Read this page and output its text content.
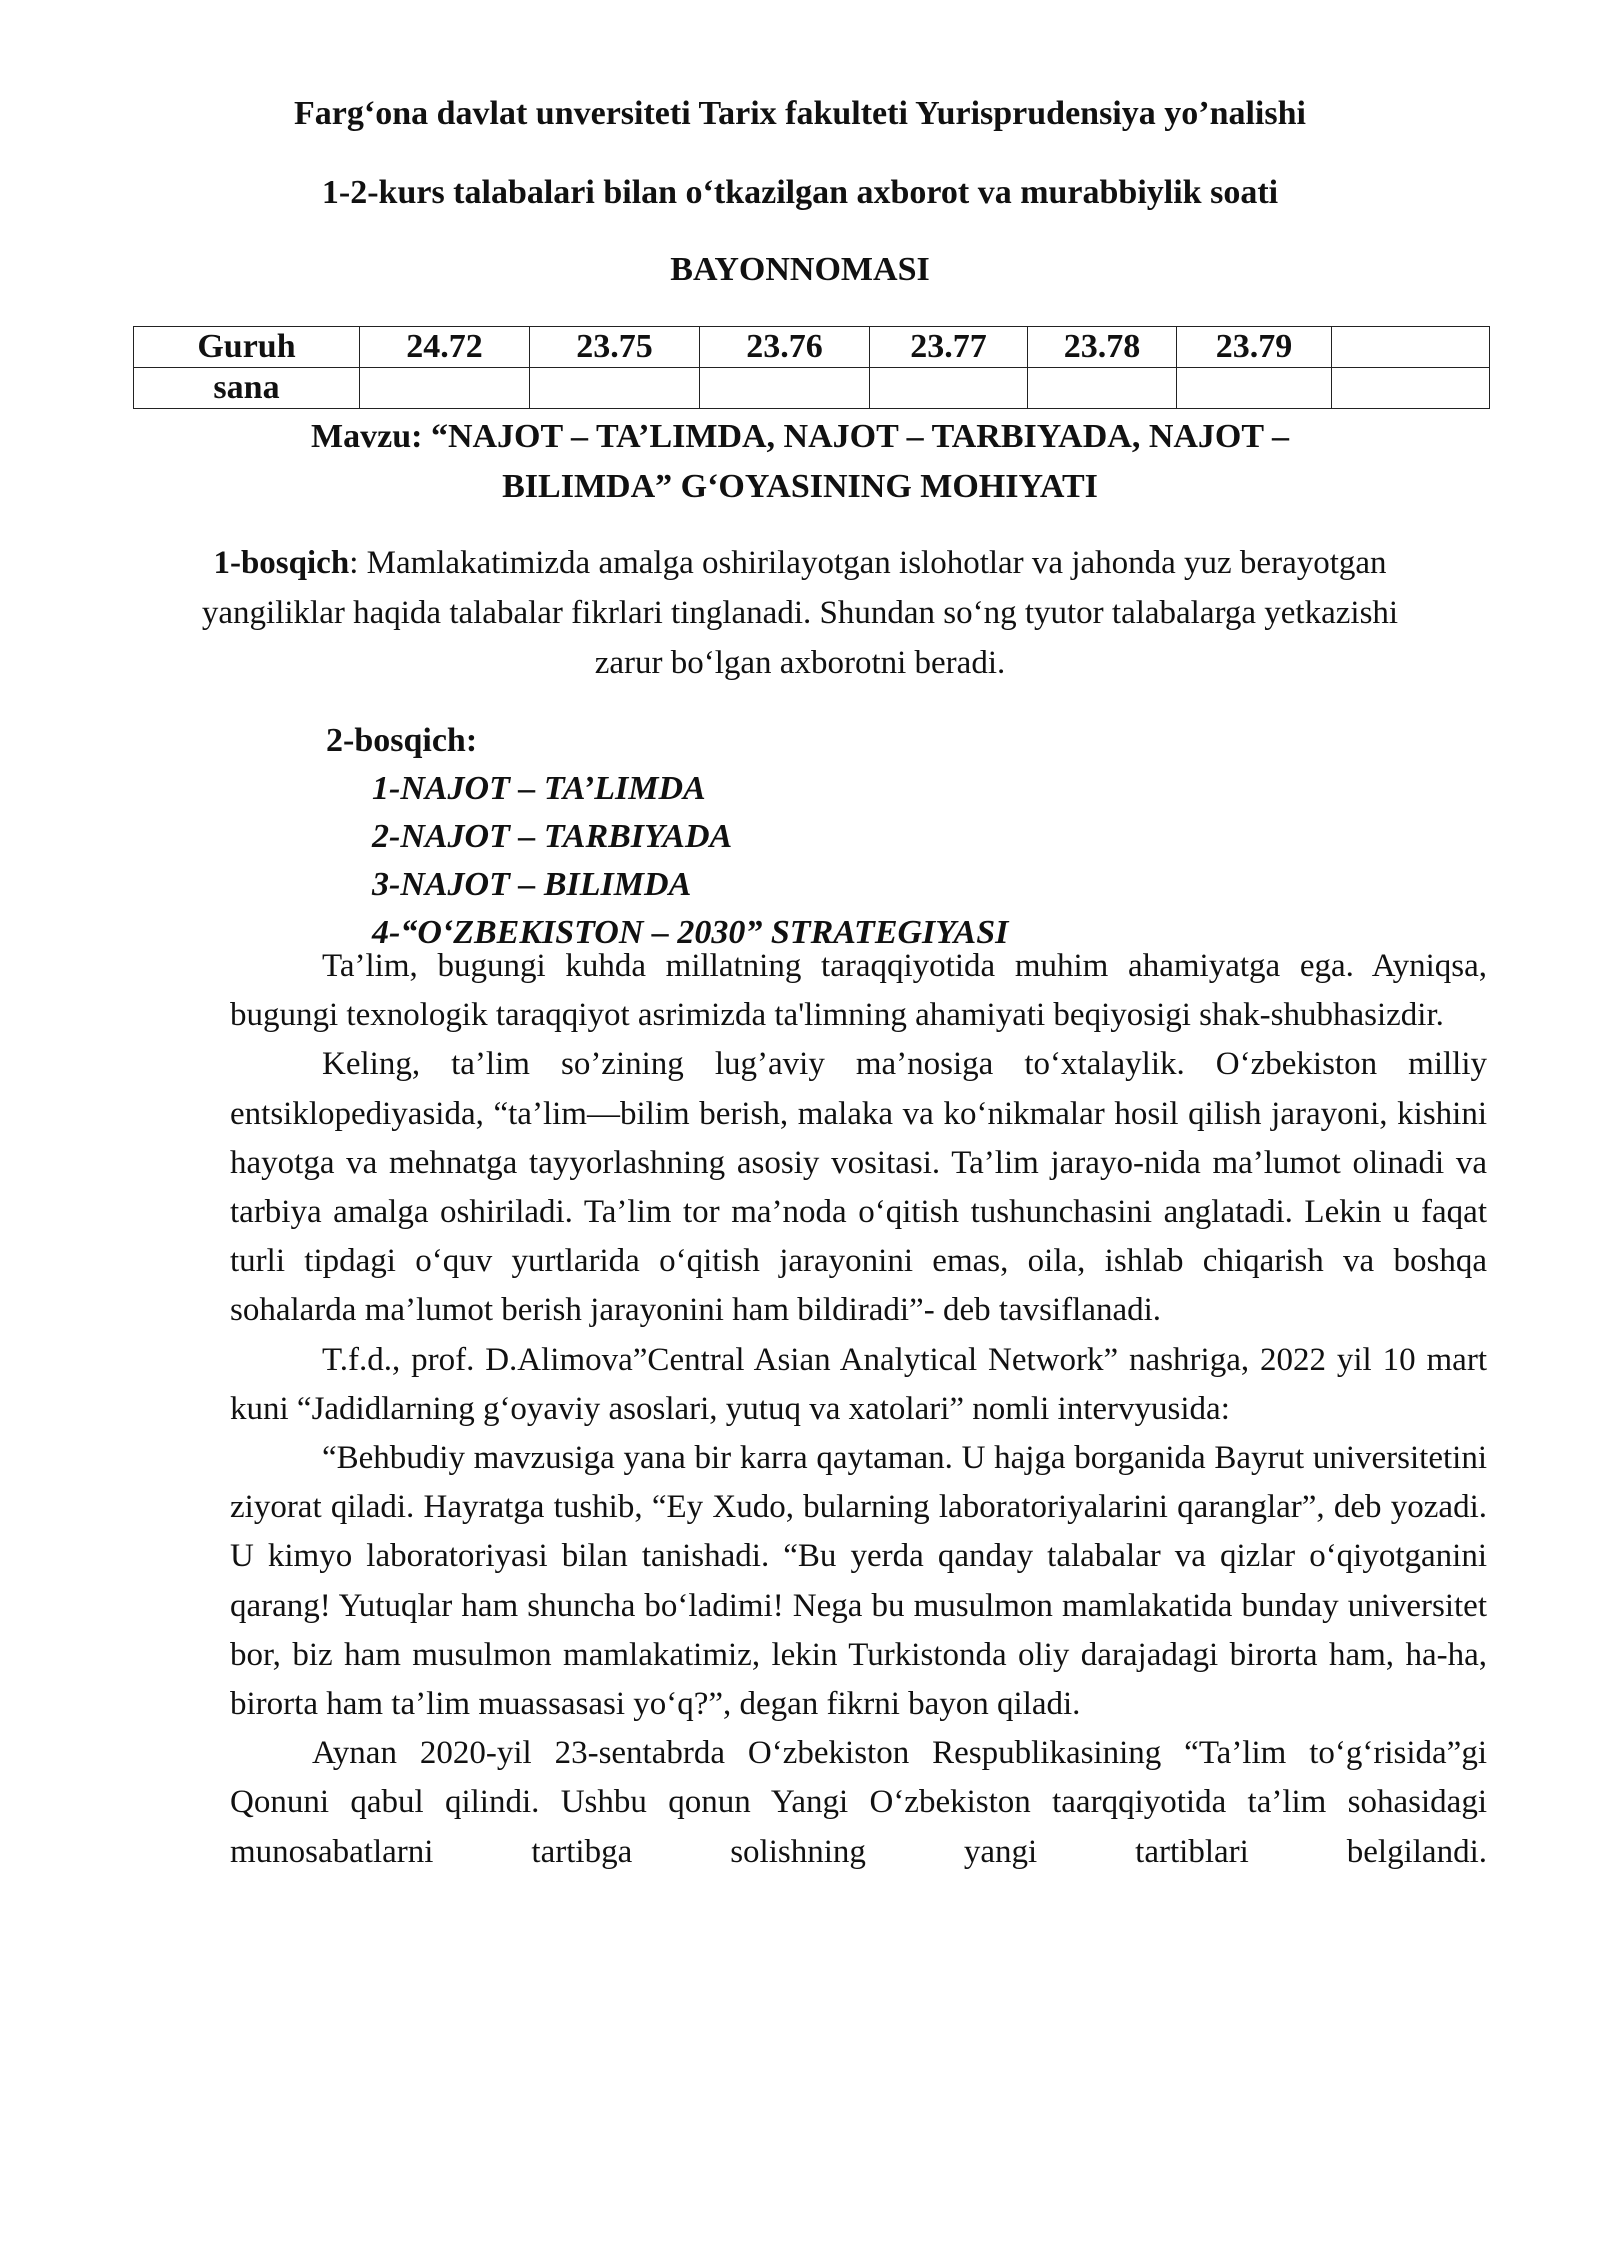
Farg‘ona davlat unversiteti Tarix fakulteti Yurisprudensiya yo’nalishi
1-2-kurs talabalari bilan o‘tkazilgan axborot va murabbiylik soati
BAYONNOMASI
Guruh	24.72	23.75	23.76	23.77	23.78	23.79	
sana							
Mavzu: “NAJOT – TA’LIMDA, NAJOT – TARBIYADA, NAJOT –
BILIMDA” G‘OYASINING MOHIYATI
1-bosqich: Mamlakatimizda amalga oshirilayotgan islohotlar va jahonda yuz berayotgan yangiliklar haqida talabalar fikrlari tinglanadi. Shundan so‘ng tyutor talabalarga yetkazishi zarur bo‘lgan axborotni beradi.
2-bosqich:
1-NAJOT – TA’LIMDA
2-NAJOT – TARBIYADA
3-NAJOT – BILIMDA
4-“O‘ZBEKISTON – 2030” STRATEGIYASI

Ta’lim, bugungi kuhda millatning taraqqiyotida muhim ahamiyatga ega. Ayniqsa, bugungi texnologik taraqqiyot asrimizda ta'limning ahamiyati beqiyosigi shak-shubhasizdir.

Keling, ta’lim so’zining lug’aviy ma’nosiga to‘xtalaylik. O‘zbekiston milliy entsiklopediyasida, “ta’lim—bilim berish, malaka va ko‘nikmalar hosil qilish jarayoni, kishini hayotga va mehnatga tayyorlashning asosiy vositasi. Ta’lim jarayo-nida ma’lumot olinadi va tarbiya amalga oshiriladi. Ta’lim tor ma’noda o‘qitish tushunchasini anglatadi. Lekin u faqat turli tipdagi o‘quv yurtlarida o‘qitish jarayonini emas, oila, ishlab chiqarish va boshqa sohalarda ma’lumot berish jarayonini ham bildiradi”- deb tavsiflanadi.

T.f.d., prof. D.Alimova”Central Asian Analytical Network” nashriga, 2022 yil 10 mart kuni “Jadidlarning g‘oyaviy asoslari, yutuq va xatolari” nomli intervyusida:

“Behbudiy mavzusiga yana bir karra qaytaman. U hajga borganida Bayrut universitetini ziyorat qiladi. Hayratga tushib, “Ey Xudo, bularning laboratoriyalarini qaranglar”, deb yozadi. U kimyo laboratoriyasi bilan tanishadi. “Bu yerda qanday talabalar va qizlar o‘qiyotganini qarang! Yutuqlar ham shuncha bo‘ladimi! Nega bu musulmon mamlakatida bunday universitet bor, biz ham musulmon mamlakatimiz, lekin Turkistonda oliy darajadagi birorta ham, ha-ha, birorta ham ta’lim muassasasi yo‘q?”, degan fikrni bayon qiladi.

Aynan 2020-yil 23-sentabrda O‘zbekiston Respublikasining “Ta’lim to‘g‘risida”gi Qonuni qabul qilindi. Ushbu qonun Yangi O‘zbekiston taarqqiyotida ta’lim sohasidagi munosabatlarni tartibga solishning yangi tartiblari belgilandi.
